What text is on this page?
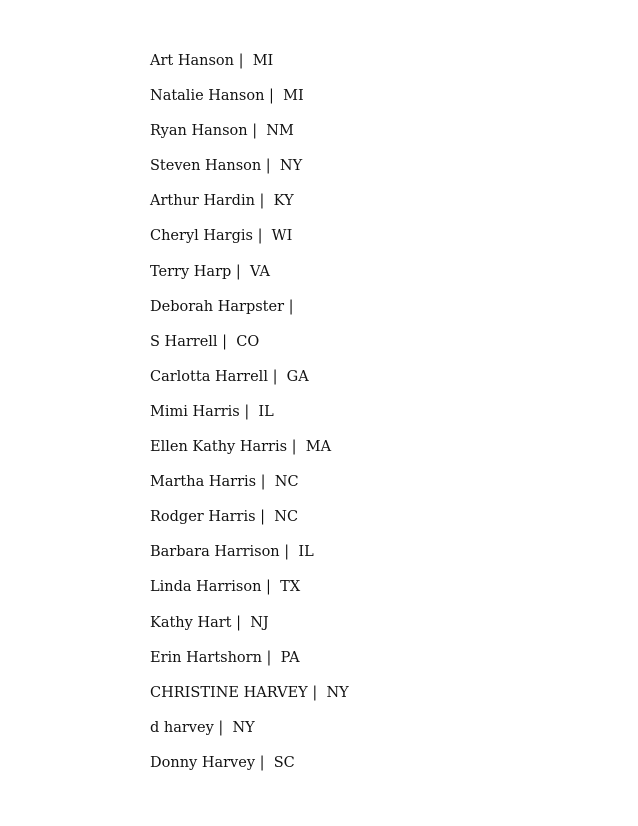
Art Hanson |  MI
Natalie Hanson |  MI
Ryan Hanson |  NM
Steven Hanson |  NY
Arthur Hardin |  KY
Cheryl Hargis |  WI
Terry Harp |  VA
Deborah Harpster |
S Harrell |  CO
Carlotta Harrell |  GA
Mimi Harris |  IL
Ellen Kathy Harris |  MA
Martha Harris |  NC
Rodger Harris |  NC
Barbara Harrison |  IL
Linda Harrison |  TX
Kathy Hart |  NJ
Erin Hartshorn |  PA
CHRISTINE HARVEY |  NY
d harvey |  NY
Donny Harvey |  SC
